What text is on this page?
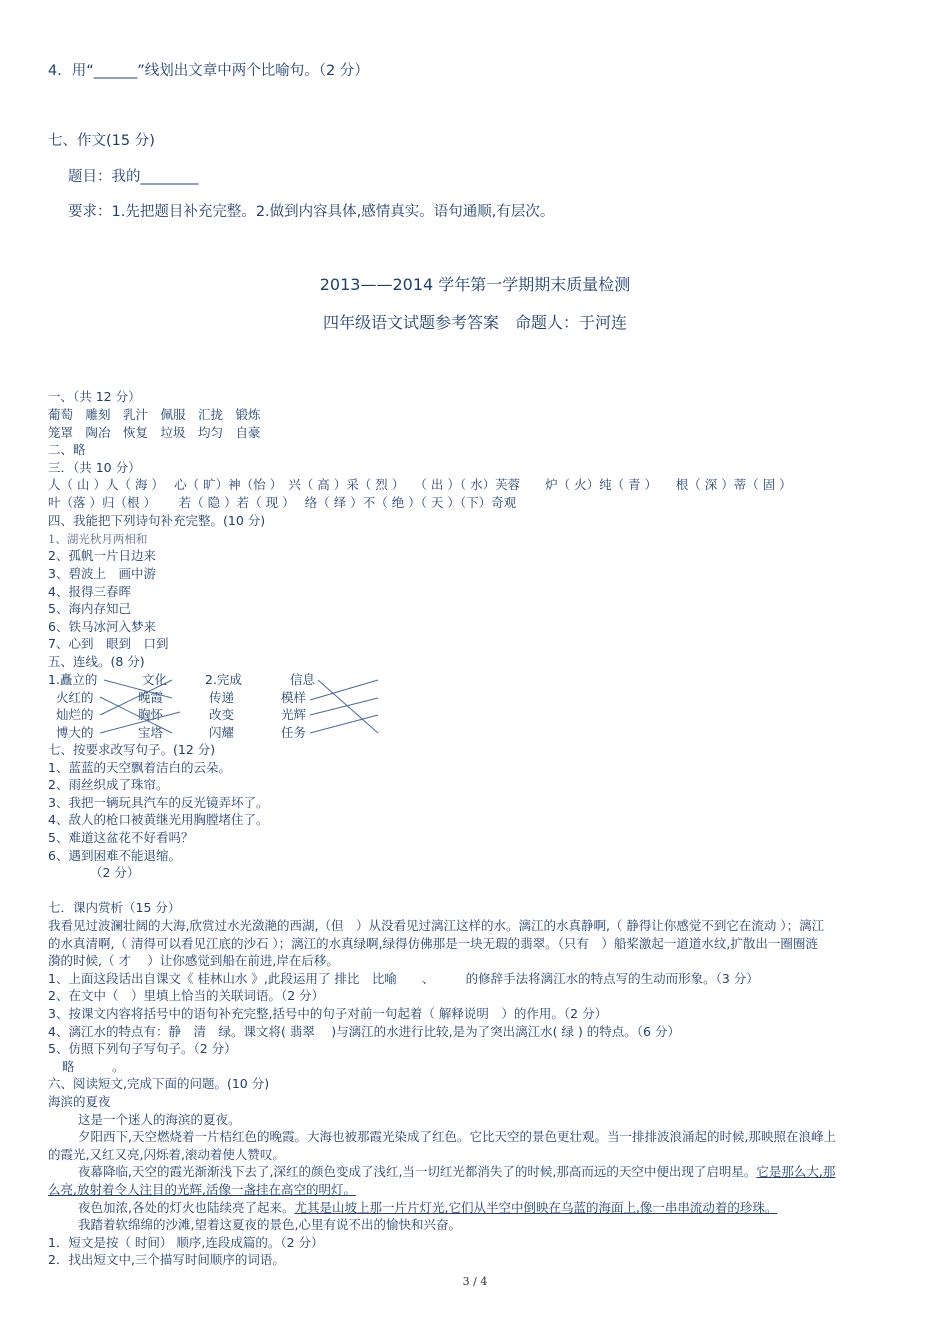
4．用“______”线划出文章中两个比喻句。（2 分）
七、作文(15 分)
题目：我的________
要求：1.先把题目补充完整。2.做到内容具体,感情真实。语句通顺,有层次。
2013——2014 学年第一学期期末质量检测
四年级语文试题参考答案　命题人：于河连
一、（共 12 分）
葡萄　雕刻　乳汁　佩服　汇拢　锻炼
笼罩　陶冶　恢复　垃圾　均匀　自豪
二、略
三．（共 10 分）
人（ 山 ）人（ 海 ）　 心（ 旷）神（怡 ）　兴（ 高 ）采（ 烈 ）　 （ 出 ）（ 水）芙蓉　　炉（ 火）纯（ 青 ）　　根（ 深 ）蒂（ 固 ）
叶（落 ）归（根 ）　　 若（ 隐 ）若（ 现 ）　 络（ 绎 ）不（ 绝 ）（ 天 ）（下）奇观
四、我能把下列诗句补充完整。(10 分)
1、湖光秋月两相和
2、孤帆一片日边来
3、碧波上　画中游
4、报得三春晖
5、海内存知己
6、铁马冰河入梦来
7、心到　眼到　口到
五、连线。(8 分)
1.矗立的
火红的
灿烂的
博大的
文化
晚霞
胸怀
宝塔
2.完成
传递
改变
闪耀
信息
模样
光辉
任务
七、按要求改写句子。(12 分)
1、蓝蓝的天空飘着洁白的云朵。
2、雨丝织成了珠帘。
3、我把一辆玩具汽车的反光镜弄坏了。
4、敌人的枪口被黄继光用胸膛堵住了。
5、难道这盆花不好看吗？
6、遇到困难不能退缩。
（2 分）
七．课内赏析（15 分）
我看见过波澜壮阔的大海,欣赏过水光潋滟的西湖,（但　）从没看见过漓江这样的水。漓江的水真静啊,（ 静得让你感觉不到它在流动 ）；漓江
的水真清啊,（ 清得可以看见江底的沙石 ）；漓江的水真绿啊,绿得仿佛那是一块无瑕的翡翠。（只有　）船桨激起一道道水纹,扩散出一圈圈涟
漪的时候,（ 才　 ）让你感觉到船在前进,岸在后移。
1、上面这段话出自课文《 桂林山水 》,此段运用了 排比　比喻　　、　　　的修辞手法将漓江水的特点写的生动而形象。（3 分）
2、在文中（　）里填上恰当的关联词语。（2 分）
3、按课文内容将括号中的语句补充完整,括号中的句子对前一句起着（ 解释说明　）的作用。（2 分）
4、漓江水的特点有：静　清　绿。课文将( 翡翠　 )与漓江的水进行比较,是为了突出漓江水( 绿 ) 的特点。（6 分）
5、仿照下列句子写句子。（2 分）
略　　　。
六、阅读短文,完成下面的问题。(10 分)
海滨的夏夜
这是一个迷人的海滨的夏夜。
夕阳西下,天空燃烧着一片桔红色的晚霞。大海也被那霞光染成了红色。它比天空的景色更壮观。当一排排波浪涌起的时候,那映照在浪峰上
的霞光,又红又亮,闪烁着,滚动着使人赞叹。
夜幕降临,天空的霞光渐渐浅下去了,深红的颜色变成了浅红,当一切红光都消失了的时候,那高而远的天空中便出现了启明星。它是那么大,那
么亮,放射着令人注目的光辉,活像一盏挂在高空的明灯。
夜色加浓,各处的灯火也陆续亮了起来。尤其是山坡上那一片片灯光,它们从半空中倒映在乌蓝的海面上,像一串串流动着的珍珠。
我踏着软绵绵的沙滩,望着这夏夜的景色,心里有说不出的愉快和兴奋。
1．短文是按（ 时间） 顺序,连段成篇的。（2 分）
2．找出短文中,三个描写时间顺序的词语。
3 / 4
